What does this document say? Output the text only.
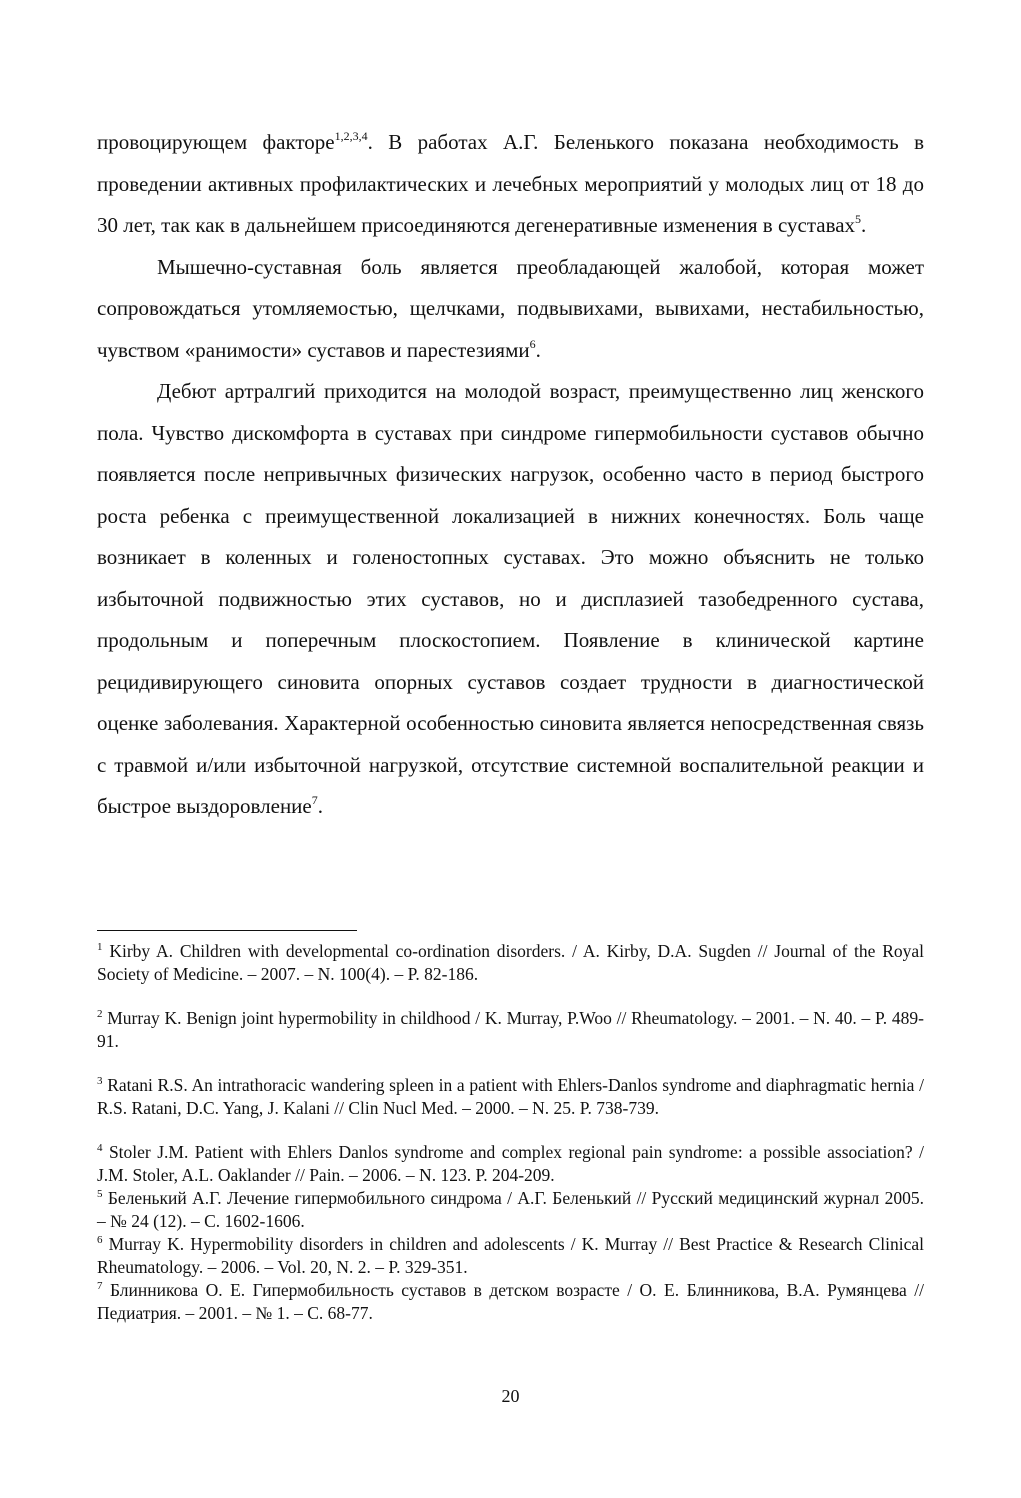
провоцирующем факторе$^{1,2,3,4}$. В работах А.Г. Беленького показана необходимость в проведении активных профилактических и лечебных мероприятий у молодых лиц от 18 до 30 лет, так как в дальнейшем присоединяются дегенеративные изменения в суставах$^5$.

Мышечно-суставная боль является преобладающей жалобой, которая может сопровождаться утомляемостью, щелчками, подвывихами, вывихами, нестабильностью, чувством «ранимости» суставов и парестезиями$^6$.

Дебют артралгий приходится на молодой возраст, преимущественно лиц женского пола. Чувство дискомфорта в суставах при синдроме гипермобильности суставов обычно появляется после непривычных физических нагрузок, особенно часто в период быстрого роста ребенка с преимущественной локализацией в нижних конечностях. Боль чаще возникает в коленных и голеностопных суставах. Это можно объяснить не только избыточной подвижностью этих суставов, но и дисплазией тазобедренного сустава, продольным и поперечным плоскостопием. Появление в клинической картине рецидивирующего синовита опорных суставов создает трудности в диагностической оценке заболевания. Характерной особенностью синовита является непосредственная связь с травмой и/или избыточной нагрузкой, отсутствие системной воспалительной реакции и быстрое выздоровление$^7$.

$^1$ Kirby A. Children with developmental co-ordination disorders. / A. Kirby, D.A. Sugden // Journal of the Royal Society of Medicine. – 2007. – N. 100(4). – P. 82-186.

$^2$ Murray K. Benign joint hypermobility in childhood / K. Murray, P.Woo // Rheumatology. – 2001. – N. 40. – P. 489-91.

$^3$ Ratani R.S. An intrathoracic wandering spleen in a patient with Ehlers-Danlos syndrome and diaphragmatic hernia / R.S. Ratani, D.C. Yang, J. Kalani // Clin Nucl Med. – 2000. – N. 25. P. 738-739.

$^4$ Stoler J.M. Patient with Ehlers Danlos syndrome and complex regional pain syndrome: a possible association? / J.M. Stoler, A.L. Oaklander // Pain. – 2006. – N. 123. P. 204-209.

$^5$ Беленький А.Г. Лечение гипермобильного синдрома / А.Г. Беленький // Русский медицинский журнал 2005. – № 24 (12). – С. 1602-1606.

$^6$ Murray K. Hypermobility disorders in children and adolescents / K. Murray // Best Practice & Research Clinical Rheumatology. – 2006. – Vol. 20, N. 2. – P. 329-351.

$^7$ Блинникова О. Е. Гипермобильность суставов в детском возрасте / О. Е. Блинникова, В.А. Румянцева // Педиатрия. – 2001. – № 1. – С. 68-77.

20
